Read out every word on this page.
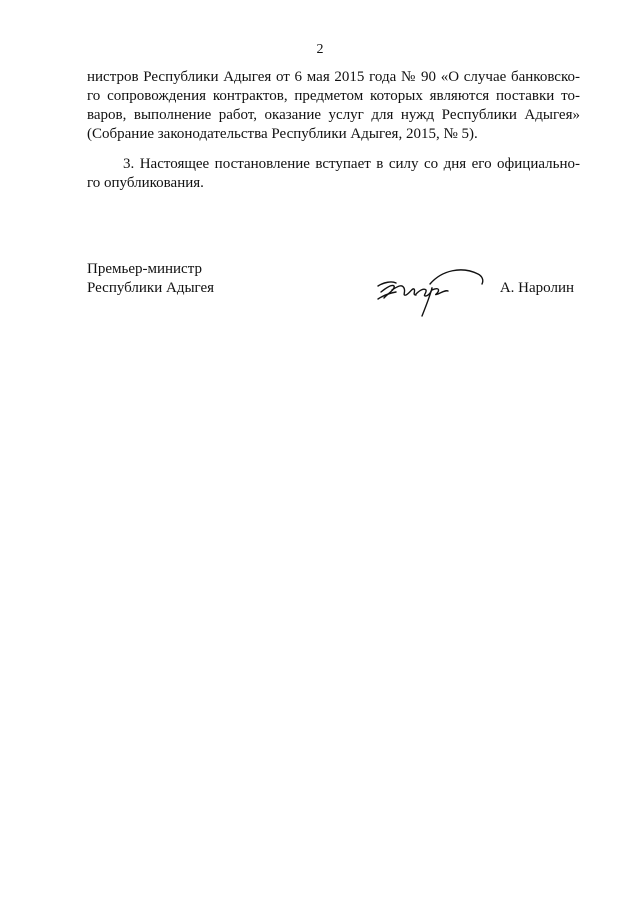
2
нистров Республики Адыгея от 6 мая 2015 года № 90 «О случае банковско-
го сопровождения контрактов, предметом которых являются поставки то-
варов, выполнение работ, оказание услуг для нужд Республики Адыгея»
(Собрание законодательства Республики Адыгея, 2015, № 5).
3. Настоящее постановление вступает в силу со дня его официально-
го опубликования.
Премьер-министр
Республики Адыгея	А. Наролин
